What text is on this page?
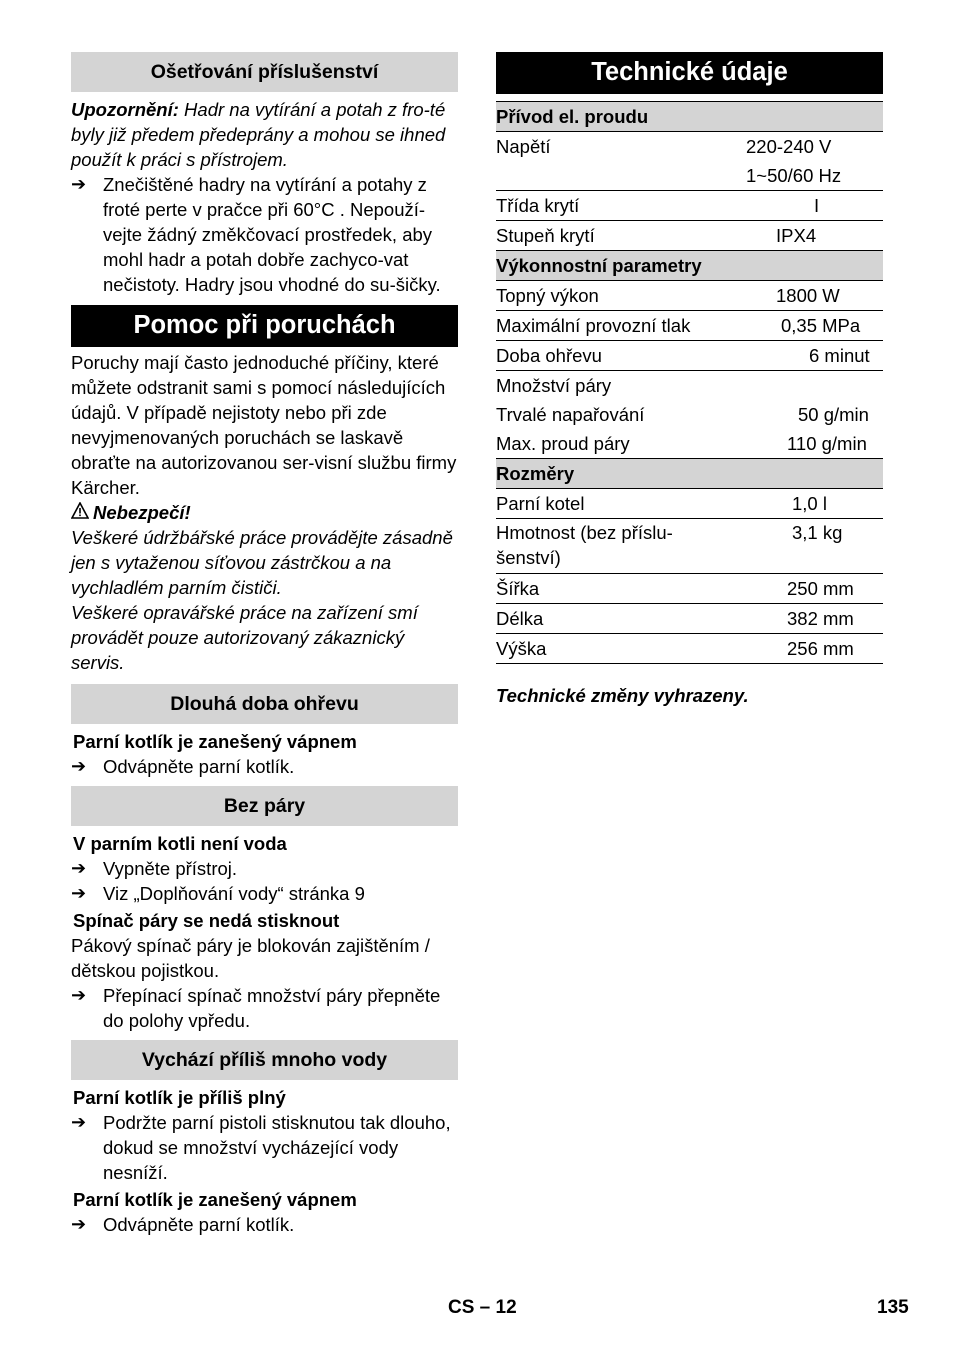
Ošetřování příslušenství

Upozornění: Hadr na vytírání a potah z fro-té byly již předem předeprány a mohou se ihned použít k práci s přístrojem.

➔ Znečištěné hadry na vytírání a potahy z froté perte v pračce při 60°C . Nepouží-vejte žádný změkčovací prostředek, aby mohl hadr a potah dobře zachyco-vat nečistoty. Hadry jsou vhodné do su-šičky.
Pomoc při poruchách

Poruchy mají často jednoduché příčiny, které můžete odstranit sami s pomocí následujících údajů. V případě nejistoty nebo při zde nevyjmenovaných poruchách se laskavě obraťte na autorizovanou ser-visní službu firmy Kärcher.

Nebezpečí!

Veškeré údržbářské práce provádějte zásadně jen s vytaženou síťovou zástrčkou a na vychladlém parním čističi.

Veškeré opravářské práce na zařízení smí provádět pouze autorizovaný zákaznický servis.

Dlouhá doba ohřevu
Parní kotlík je zanešený vápnem
➔ Odvápněte parní kotlík.
Bez páry
V parním kotli není voda
➔ Vypněte přístroj.
➔ Viz „Doplňování vody“ stránka 9
Spínač páry se nedá stisknout

Pákový spínač páry je blokován zajištěním / dětskou pojistkou.

➔ Přepínací spínač množství páry přepněte do polohy vpředu.
Vychází příliš mnoho vody
Parní kotlík je příliš plný
➔ Podržte parní pistoli stisknutou tak dlouho, dokud se množství vycházející vody nesníží.
Parní kotlík je zanešený vápnem
➔ Odvápněte parní kotlík.
Technické údaje
Přívod el. proudu	
Napětí	220-240 V
	1~50/60 Hz
Třída krytí	I
Stupeň krytí	IPX4
Výkonnostní parametry	
Topný výkon	1800 W
Maximální provozní tlak	0,35 MPa
Doba ohřevu	6 minut
Množství páry	
Trvalé napařování	50 g/min
Max. proud páry	110 g/min
Rozměry	
Parní kotel	1,0 l
Hmotnost (bez příslu-šenství)	3,1 kg
Šířka	250 mm
Délka	382 mm
Výška	256 mm

Technické změny vyhrazeny.

CS – 12	135
